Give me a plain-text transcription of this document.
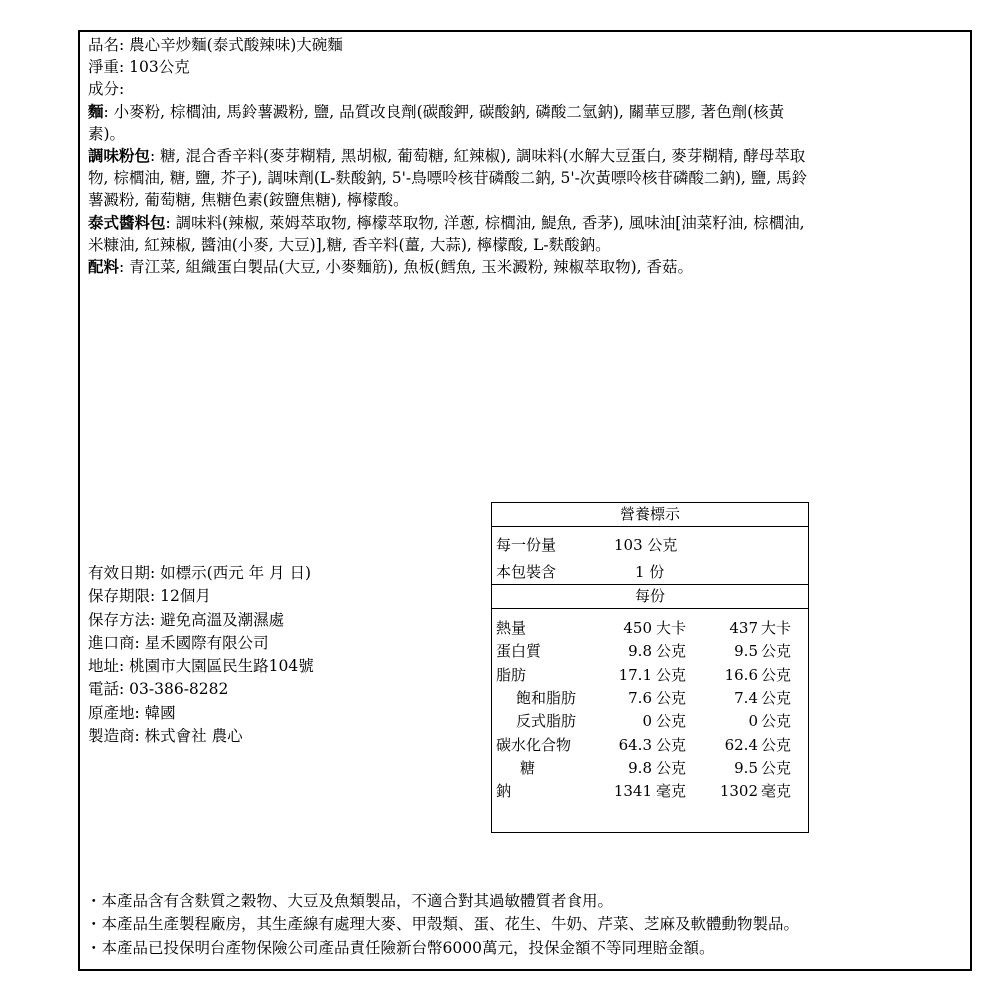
品名: 農心辛炒麵(泰式酸辣味)大碗麵

淨重: 103公克

成分:

麵: 小麥粉, 棕櫚油, 馬鈴薯澱粉, 鹽, 品質改良劑(碳酸鉀, 碳酸鈉, 磷酸二氫鈉), 關華豆膠, 著色劑(核黃素)。

調味粉包: 糖, 混合香辛料(麥芽糊精, 黑胡椒, 葡萄糖, 紅辣椒), 調味料(水解大豆蛋白, 麥芽糊精, 酵母萃取物, 棕櫚油, 糖, 鹽, 芥子), 調味劑(L-麩酸鈉, 5'-鳥嘌呤核苷磷酸二鈉, 5'-次黃嘌呤核苷磷酸二鈉), 鹽, 馬鈴薯澱粉, 葡萄糖, 焦糖色素(銨鹽焦糖), 檸檬酸。

泰式醬料包: 調味料(辣椒, 萊姆萃取物, 檸檬萃取物, 洋蔥, 棕櫚油, 鯷魚, 香茅), 風味油[油菜籽油, 棕櫚油, 米糠油, 紅辣椒, 醬油(小麥, 大豆)],糖, 香辛料(薑, 大蒜), 檸檬酸, L-麩酸鈉。

配料: 青江菜, 組織蛋白製品(大豆, 小麥麵筋), 魚板(鱈魚, 玉米澱粉, 辣椒萃取物), 香菇。

有效日期: 如標示(西元 年 月 日)
保存期限: 12個月
保存方法: 避免高溫及潮濕處
進口商: 星禾國際有限公司
地址: 桃園市大園區民生路104號
電話: 03-386-8282
原產地: 韓國
製造商: 株式會社 農心
營養標示
每一份量	103 公克
本包裝含	1 份
每份
熱量	450 大卡	437 大卡
蛋白質	9.8 公克	9.5 公克
脂肪	17.1 公克	16.6 公克
飽和脂肪	7.6 公克	7.4 公克
反式脂肪	0 公克	0 公克
碳水化合物	64.3 公克	62.4 公克
糖	9.8 公克	9.5 公克
鈉	1341 毫克	1302 毫克
・本產品含有含麩質之穀物、大豆及魚類製品，不適合對其過敏體質者食用。
・本產品生產製程廠房，其生產線有處理大麥、甲殼類、蛋、花生、牛奶、芹菜、芝麻及軟體動物製品。
・本產品已投保明台產物保險公司產品責任險新台幣6000萬元，投保金額不等同理賠金額。
